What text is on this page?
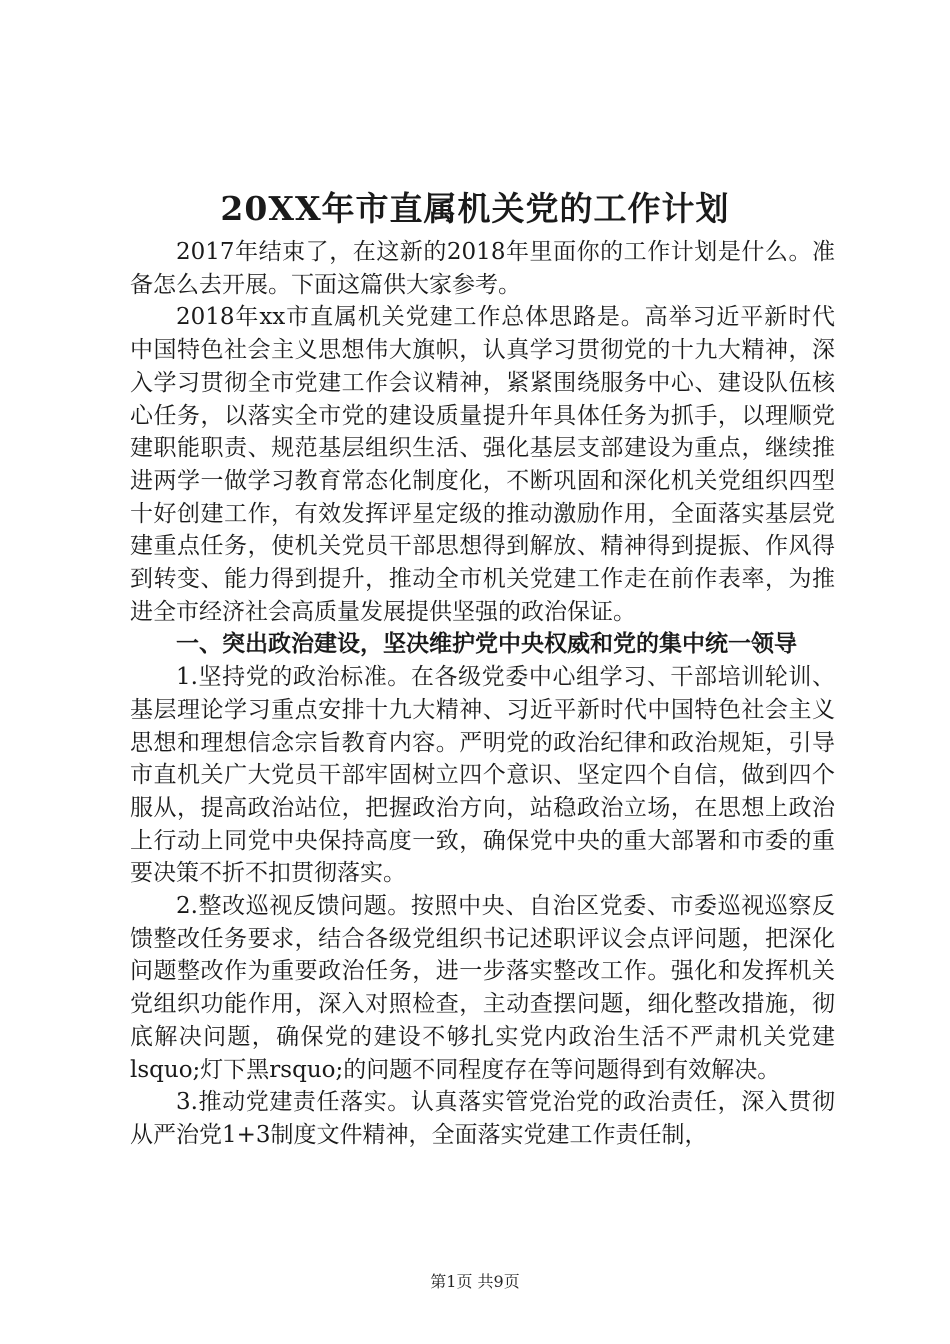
20XX年市直属机关党的工作计划

2017年结束了，在这新的2018年里面你的工作计划是什么。准备怎么去开展。下面这篇供大家参考。

2018年xx市直属机关党建工作总体思路是。高举习近平新时代中国特色社会主义思想伟大旗帜，认真学习贯彻党的十九大精神，深入学习贯彻全市党建工作会议精神，紧紧围绕服务中心、建设队伍核心任务，以落实全市党的建设质量提升年具体任务为抓手，以理顺党建职能职责、规范基层组织生活、强化基层支部建设为重点，继续推进两学一做学习教育常态化制度化，不断巩固和深化机关党组织四型十好创建工作，有效发挥评星定级的推动激励作用，全面落实基层党建重点任务，使机关党员干部思想得到解放、精神得到提振、作风得到转变、能力得到提升，推动全市机关党建工作走在前作表率，为推进全市经济社会高质量发展提供坚强的政治保证。

一、突出政治建设，坚决维护党中央权威和党的集中统一领导

1.坚持党的政治标准。在各级党委中心组学习、干部培训轮训、基层理论学习重点安排十九大精神、习近平新时代中国特色社会主义思想和理想信念宗旨教育内容。严明党的政治纪律和政治规矩，引导市直机关广大党员干部牢固树立四个意识、坚定四个自信，做到四个服从，提高政治站位，把握政治方向，站稳政治立场，在思想上政治上行动上同党中央保持高度一致，确保党中央的重大部署和市委的重要决策不折不扣贯彻落实。

2.整改巡视反馈问题。按照中央、自治区党委、市委巡视巡察反馈整改任务要求，结合各级党组织书记述职评议会点评问题，把深化问题整改作为重要政治任务，进一步落实整改工作。强化和发挥机关党组织功能作用，深入对照检查，主动查摆问题，细化整改措施，彻底解决问题，确保党的建设不够扎实党内政治生活不严肃机关党建lsquo;灯下黑rsquo;的问题不同程度存在等问题得到有效解决。

3.推动党建责任落实。认真落实管党治党的政治责任，深入贯彻从严治党1+3制度文件精神，全面落实党建工作责任制，

第1页 共9页
